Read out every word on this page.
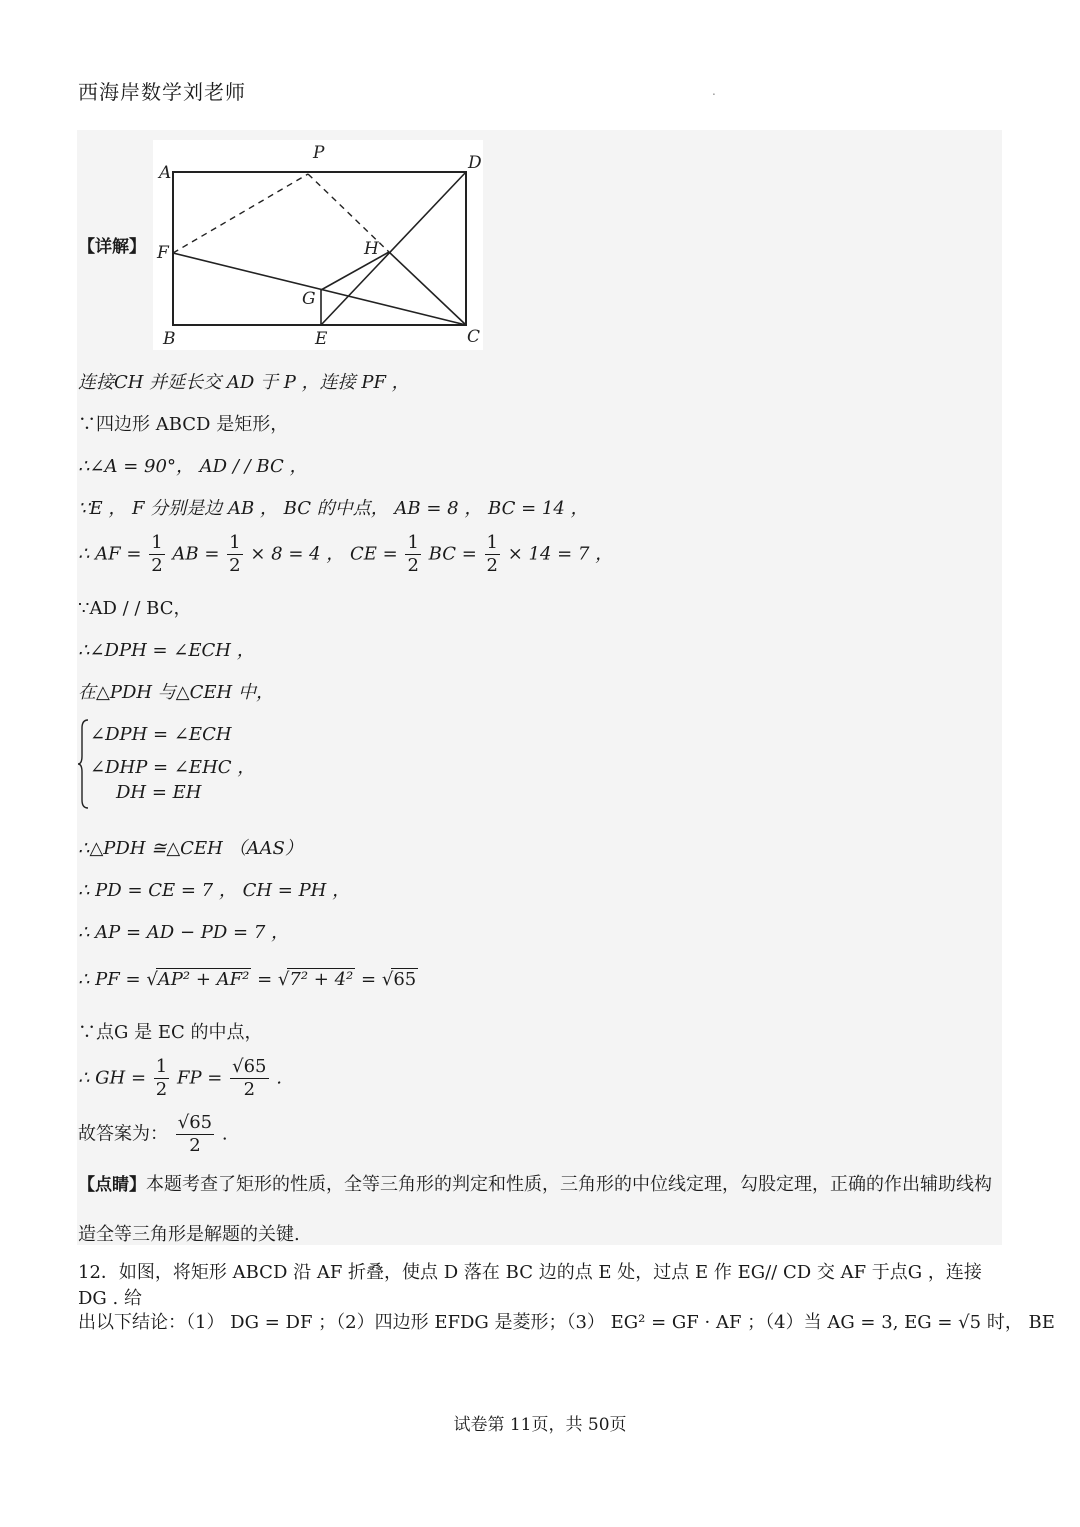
西海岸数学刘老师	.
【详解】
A
P	D
F	H
G
B	E	C
连接CH 并延长交 AD 于 P ，连接 PF ，
∵四边形 ABCD 是矩形，
∴∠A = 90°， AD / / BC ，
∵E ， F 分别是边 AB ， BC 的中点， AB = 8 ， BC = 14 ，
∴ AF = $\frac{1}{2}$ AB = $\frac{1}{2} \times 8 = 4$ ， CE = $\frac{1}{2}$ BC = $\frac{1}{2} \times 14 = 7$ ，
∵AD / / BC，
∴∠DPH = ∠ECH ，
在△PDH 与△CEH 中，
∠DPH = ∠ECH
∠DHP = ∠EHC ，
DH = EH
∴△PDH ≅△CEH （AAS）
∴ PD = CE = 7 ， CH = PH ，
∴ AP = AD − PD = 7 ，
∴ PF = √AP² + AF² = √7² + 4² = √65
∵点G 是 EC 的中点，
∴ GH = $\frac{1}{2}$ FP = $\frac{√65}{2}$ .
故答案为： $\frac{√65}{2}$ .
【点睛】本题考查了矩形的性质，全等三角形的判定和性质，三角形的中位线定理，勾股定理，正确的作出辅助线构造全等三角形是解题的关键.
12．如图，将矩形 ABCD 沿 AF 折叠，使点 D 落在 BC 边的点 E 处，过点 E 作 EG// CD 交 AF 于点G ，连接 DG . 给
出以下结论：（1） DG = DF ；（2）四边形 EFDG 是菱形；（3） EG² = GF · AF ；（4）当 AG = 3, EG = √5 时， BE
试卷第 11页，共 50页
